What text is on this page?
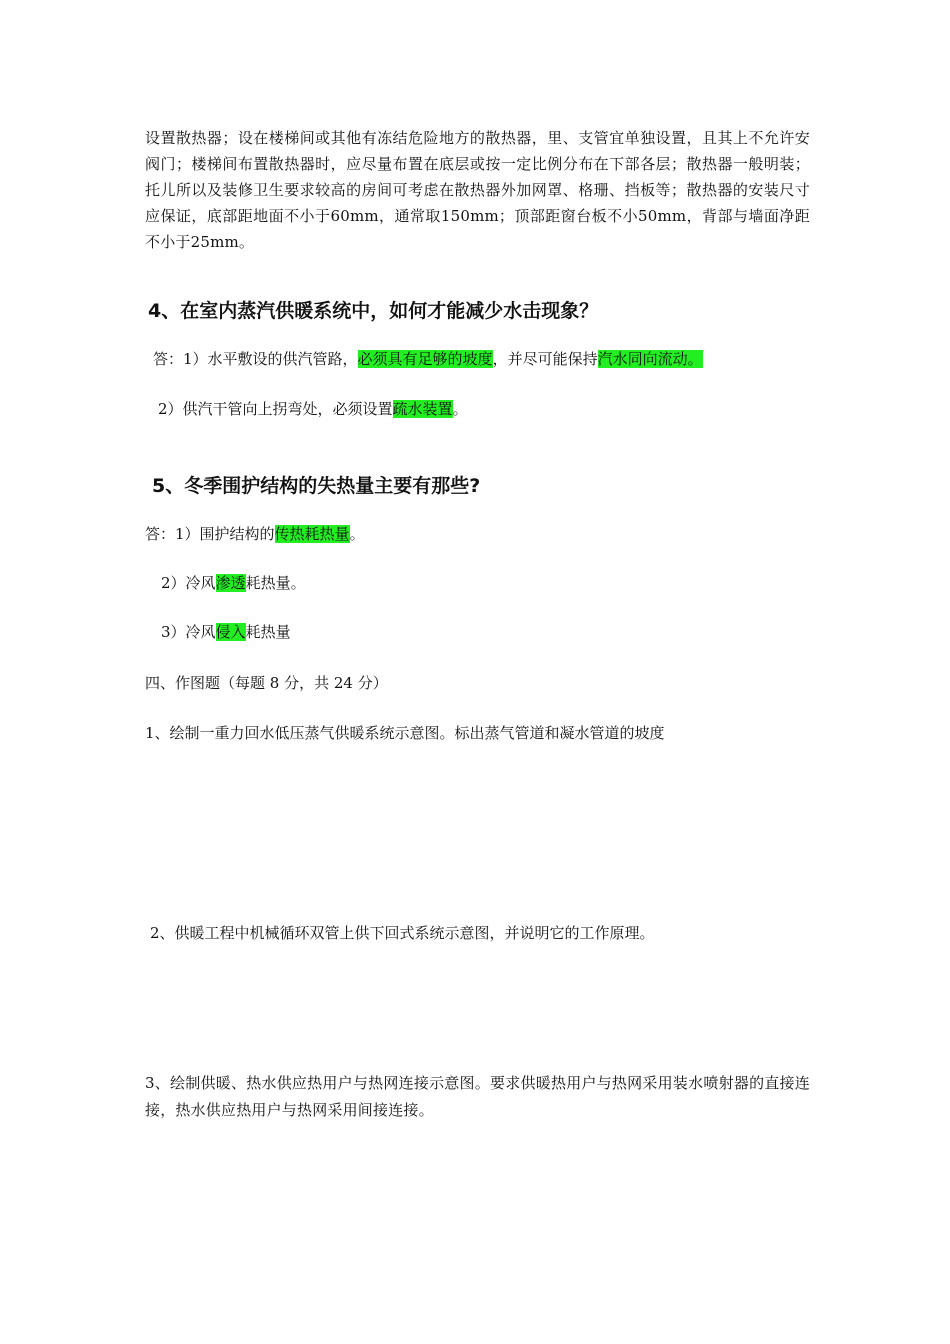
设置散热器；设在楼梯间或其他有冻结危险地方的散热器，里、支管宜单独设置，且其上不允许安阀门；楼梯间布置散热器时，应尽量布置在底层或按一定比例分布在下部各层；散热器一般明装；托儿所以及装修卫生要求较高的房间可考虑在散热器外加网罩、格珊、挡板等；散热器的安装尺寸应保证，底部距地面不小于60mm，通常取150mm；顶部距窗台板不小50mm，背部与墙面净距不小于25mm。
4、在室内蒸汽供暖系统中，如何才能减少水击现象？
答：1）水平敷设的供汽管路，必须具有足够的坡度，并尽可能保持汽水同向流动。
2）供汽干管向上拐弯处，必须设置疏水装置。
5、冬季围护结构的失热量主要有那些?
答：1）围护结构的传热耗热量。
2）冷风渗透耗热量。
3）冷风侵入耗热量
四、作图题（每题 8 分，共 24 分）
1、绘制一重力回水低压蒸气供暖系统示意图。标出蒸气管道和凝水管道的坡度
2、供暖工程中机械循环双管上供下回式系统示意图，并说明它的工作原理。
3、绘制供暖、热水供应热用户与热网连接示意图。要求供暖热用户与热网采用装水喷射器的直接连接，热水供应热用户与热网采用间接连接。
